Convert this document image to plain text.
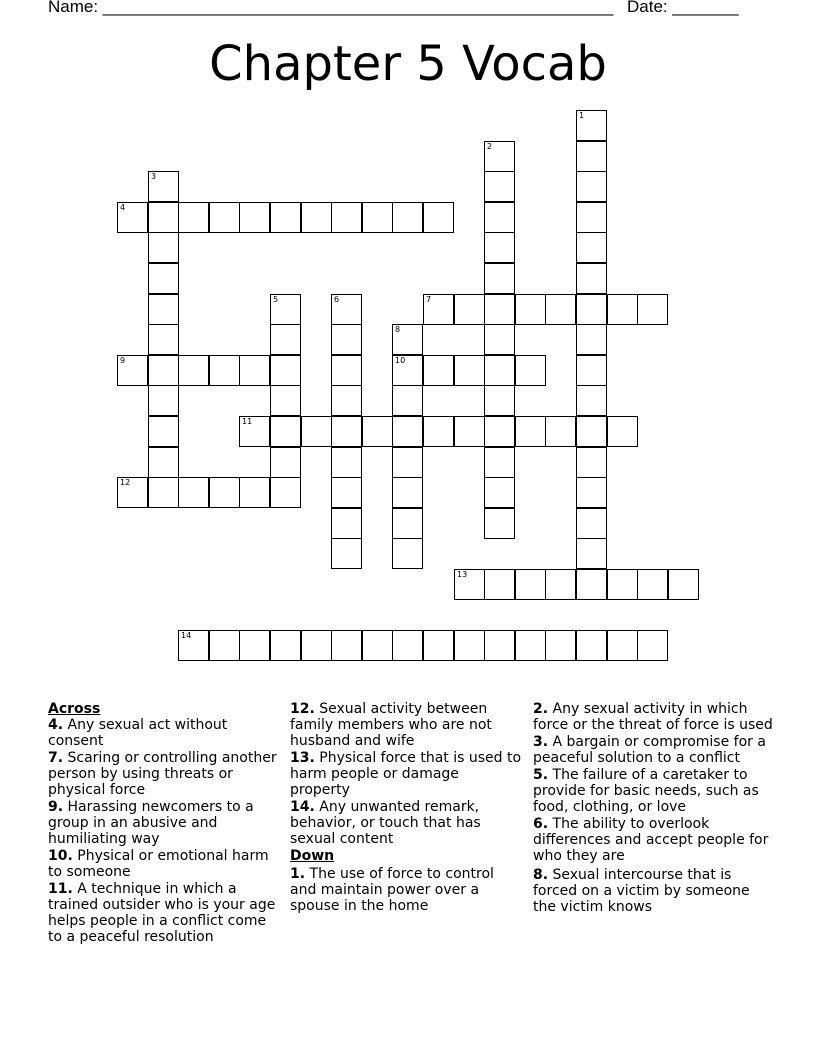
Name: ______________________________________________________ Date: _______
Chapter 5 Vocab
1
2
3
4
5	6	7
8
10
9
11
12
13
14
Across
4. Any sexual act without consent
7. Scaring or controlling another person by using threats or physical force
9. Harassing newcomers to a group in an abusive and humiliating way
10. Physical or emotional harm to someone
11. A technique in which a trained outsider who is your age helps people in a conflict come to a peaceful resolution
12. Sexual activity between family members who are not husband and wife
13. Physical force that is used to harm people or damage property
14. Any unwanted remark, behavior, or touch that has sexual content
Down
1. The use of force to control and maintain power over a spouse in the home
2. Any sexual activity in which force or the threat of force is used
3. A bargain or compromise for a peaceful solution to a conflict
5. The failure of a caretaker to provide for basic needs, such as food, clothing, or love
6. The ability to overlook differences and accept people for who they are
8. Sexual intercourse that is forced on a victim by someone the victim knows
